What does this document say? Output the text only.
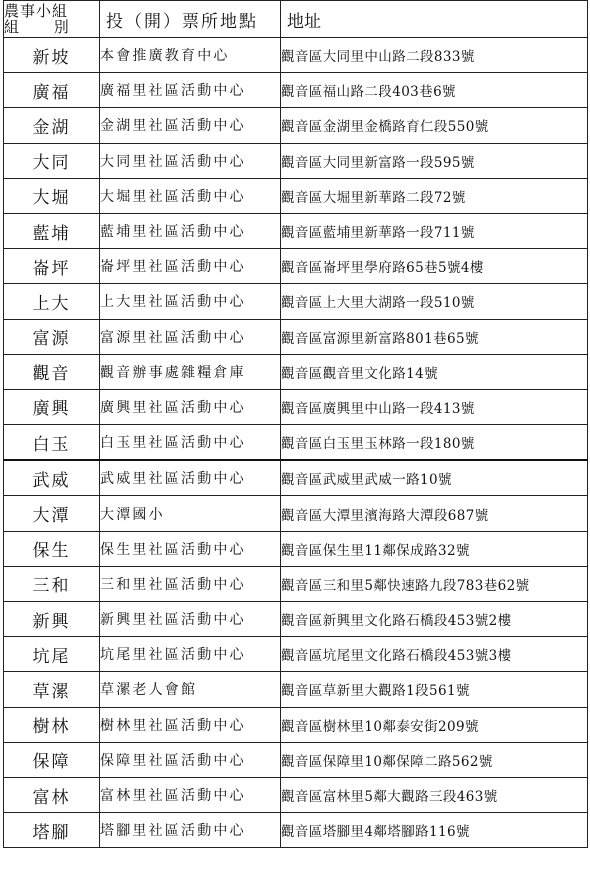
農事小組
組 別	投（開）票所地點	地址
新坡	本會推廣教育中心	觀音區大同里中山路二段833號
廣福	廣福里社區活動中心	觀音區福山路二段403巷6號
金湖	金湖里社區活動中心	觀音區金湖里金橋路育仁段550號
大同	大同里社區活動中心	觀音區大同里新富路一段595號
大堀	大堀里社區活動中心	觀音區大堀里新華路二段72號
藍埔	藍埔里社區活動中心	觀音區藍埔里新華路一段711號
崙坪	崙坪里社區活動中心	觀音區崙坪里學府路65巷5號4樓
上大	上大里社區活動中心	觀音區上大里大湖路一段510號
富源	富源里社區活動中心	觀音區富源里新富路801巷65號
觀音	觀音辦事處雜糧倉庫	觀音區觀音里文化路14號
廣興	廣興里社區活動中心	觀音區廣興里中山路一段413號
白玉	白玉里社區活動中心	觀音區白玉里玉林路一段180號
武威	武威里社區活動中心	觀音區武威里武威一路10號
大潭	大潭國小	觀音區大潭里濱海路大潭段687號
保生	保生里社區活動中心	觀音區保生里11鄰保成路32號
三和	三和里社區活動中心	觀音區三和里5鄰快速路九段783巷62號
新興	新興里社區活動中心	觀音區新興里文化路石橋段453號2樓
坑尾	坑尾里社區活動中心	觀音區坑尾里文化路石橋段453號3樓
草漯	草漯老人會館	觀音區草新里大觀路1段561號
樹林	樹林里社區活動中心	觀音區樹林里10鄰泰安街209號
保障	保障里社區活動中心	觀音區保障里10鄰保障二路562號
富林	富林里社區活動中心	觀音區富林里5鄰大觀路三段463號
塔腳	塔腳里社區活動中心	觀音區塔腳里4鄰塔腳路116號
